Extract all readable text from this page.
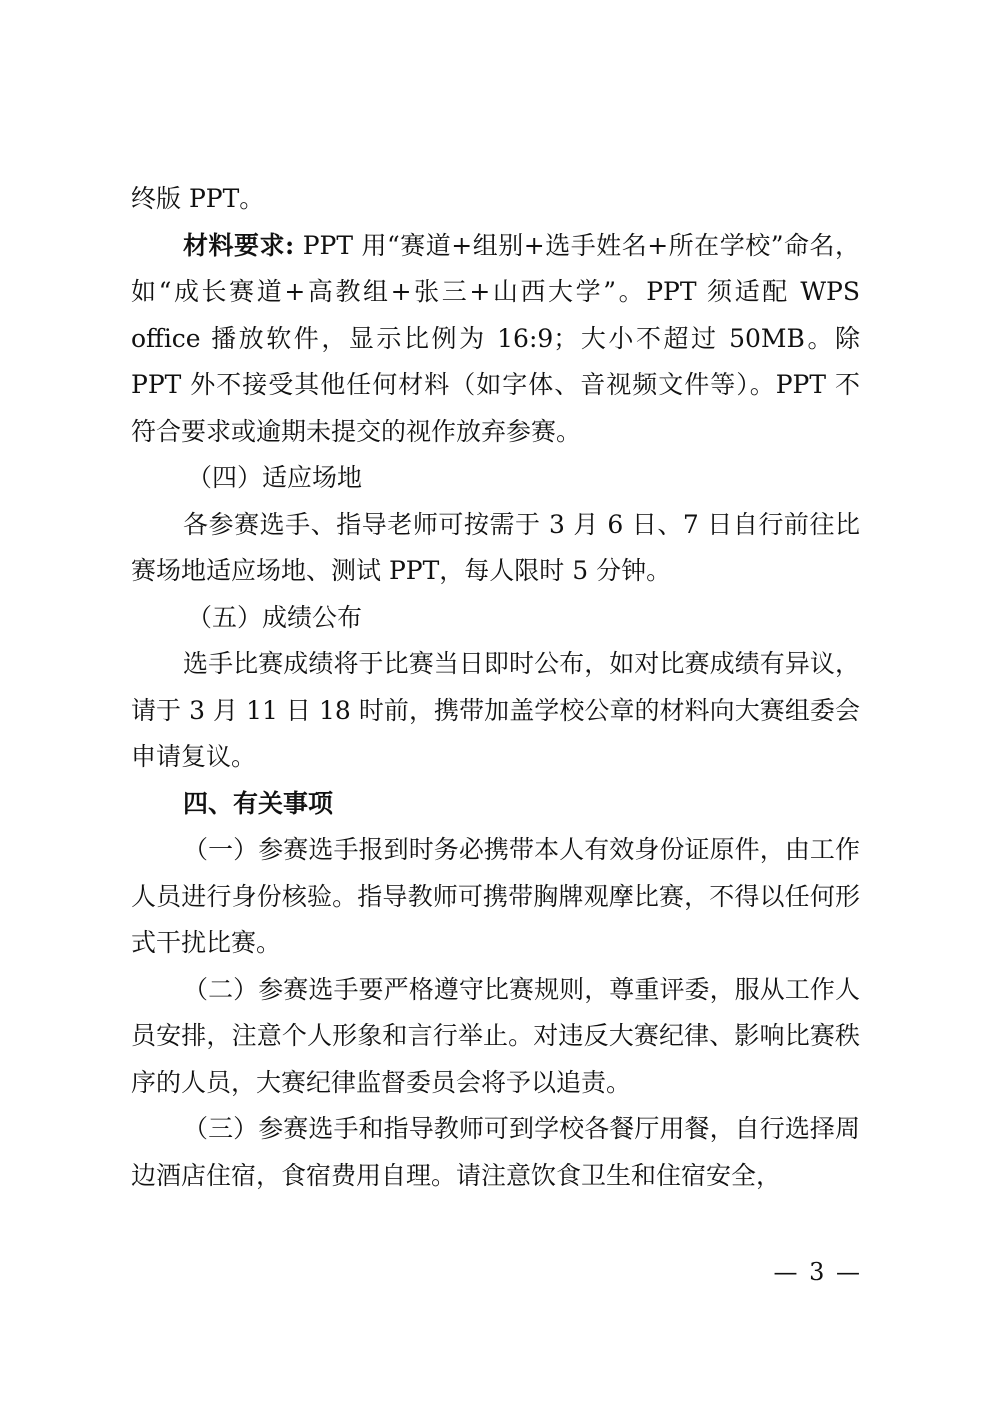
终版 PPT。

材料要求: PPT 用“赛道+组别+选手姓名+所在学校”命名，如“成长赛道+高教组+张三+山西大学”。PPT 须适配 WPS office 播放软件，显示比例为 16:9；大小不超过 50MB。除 PPT 外不接受其他任何材料（如字体、音视频文件等）。PPT 不符合要求或逾期未提交的视作放弃参赛。

（四）适应场地

各参赛选手、指导老师可按需于 3 月 6 日、7 日自行前往比赛场地适应场地、测试 PPT，每人限时 5 分钟。

（五）成绩公布

选手比赛成绩将于比赛当日即时公布，如对比赛成绩有异议，请于 3 月 11 日 18 时前，携带加盖学校公章的材料向大赛组委会申请复议。

四、有关事项

（一）参赛选手报到时务必携带本人有效身份证原件，由工作人员进行身份核验。指导教师可携带胸牌观摩比赛，不得以任何形式干扰比赛。

（二）参赛选手要严格遵守比赛规则，尊重评委，服从工作人员安排，注意个人形象和言行举止。对违反大赛纪律、影响比赛秩序的人员，大赛纪律监督委员会将予以追责。

（三）参赛选手和指导教师可到学校各餐厅用餐，自行选择周边酒店住宿，食宿费用自理。请注意饮食卫生和住宿安全，

— 3 —
